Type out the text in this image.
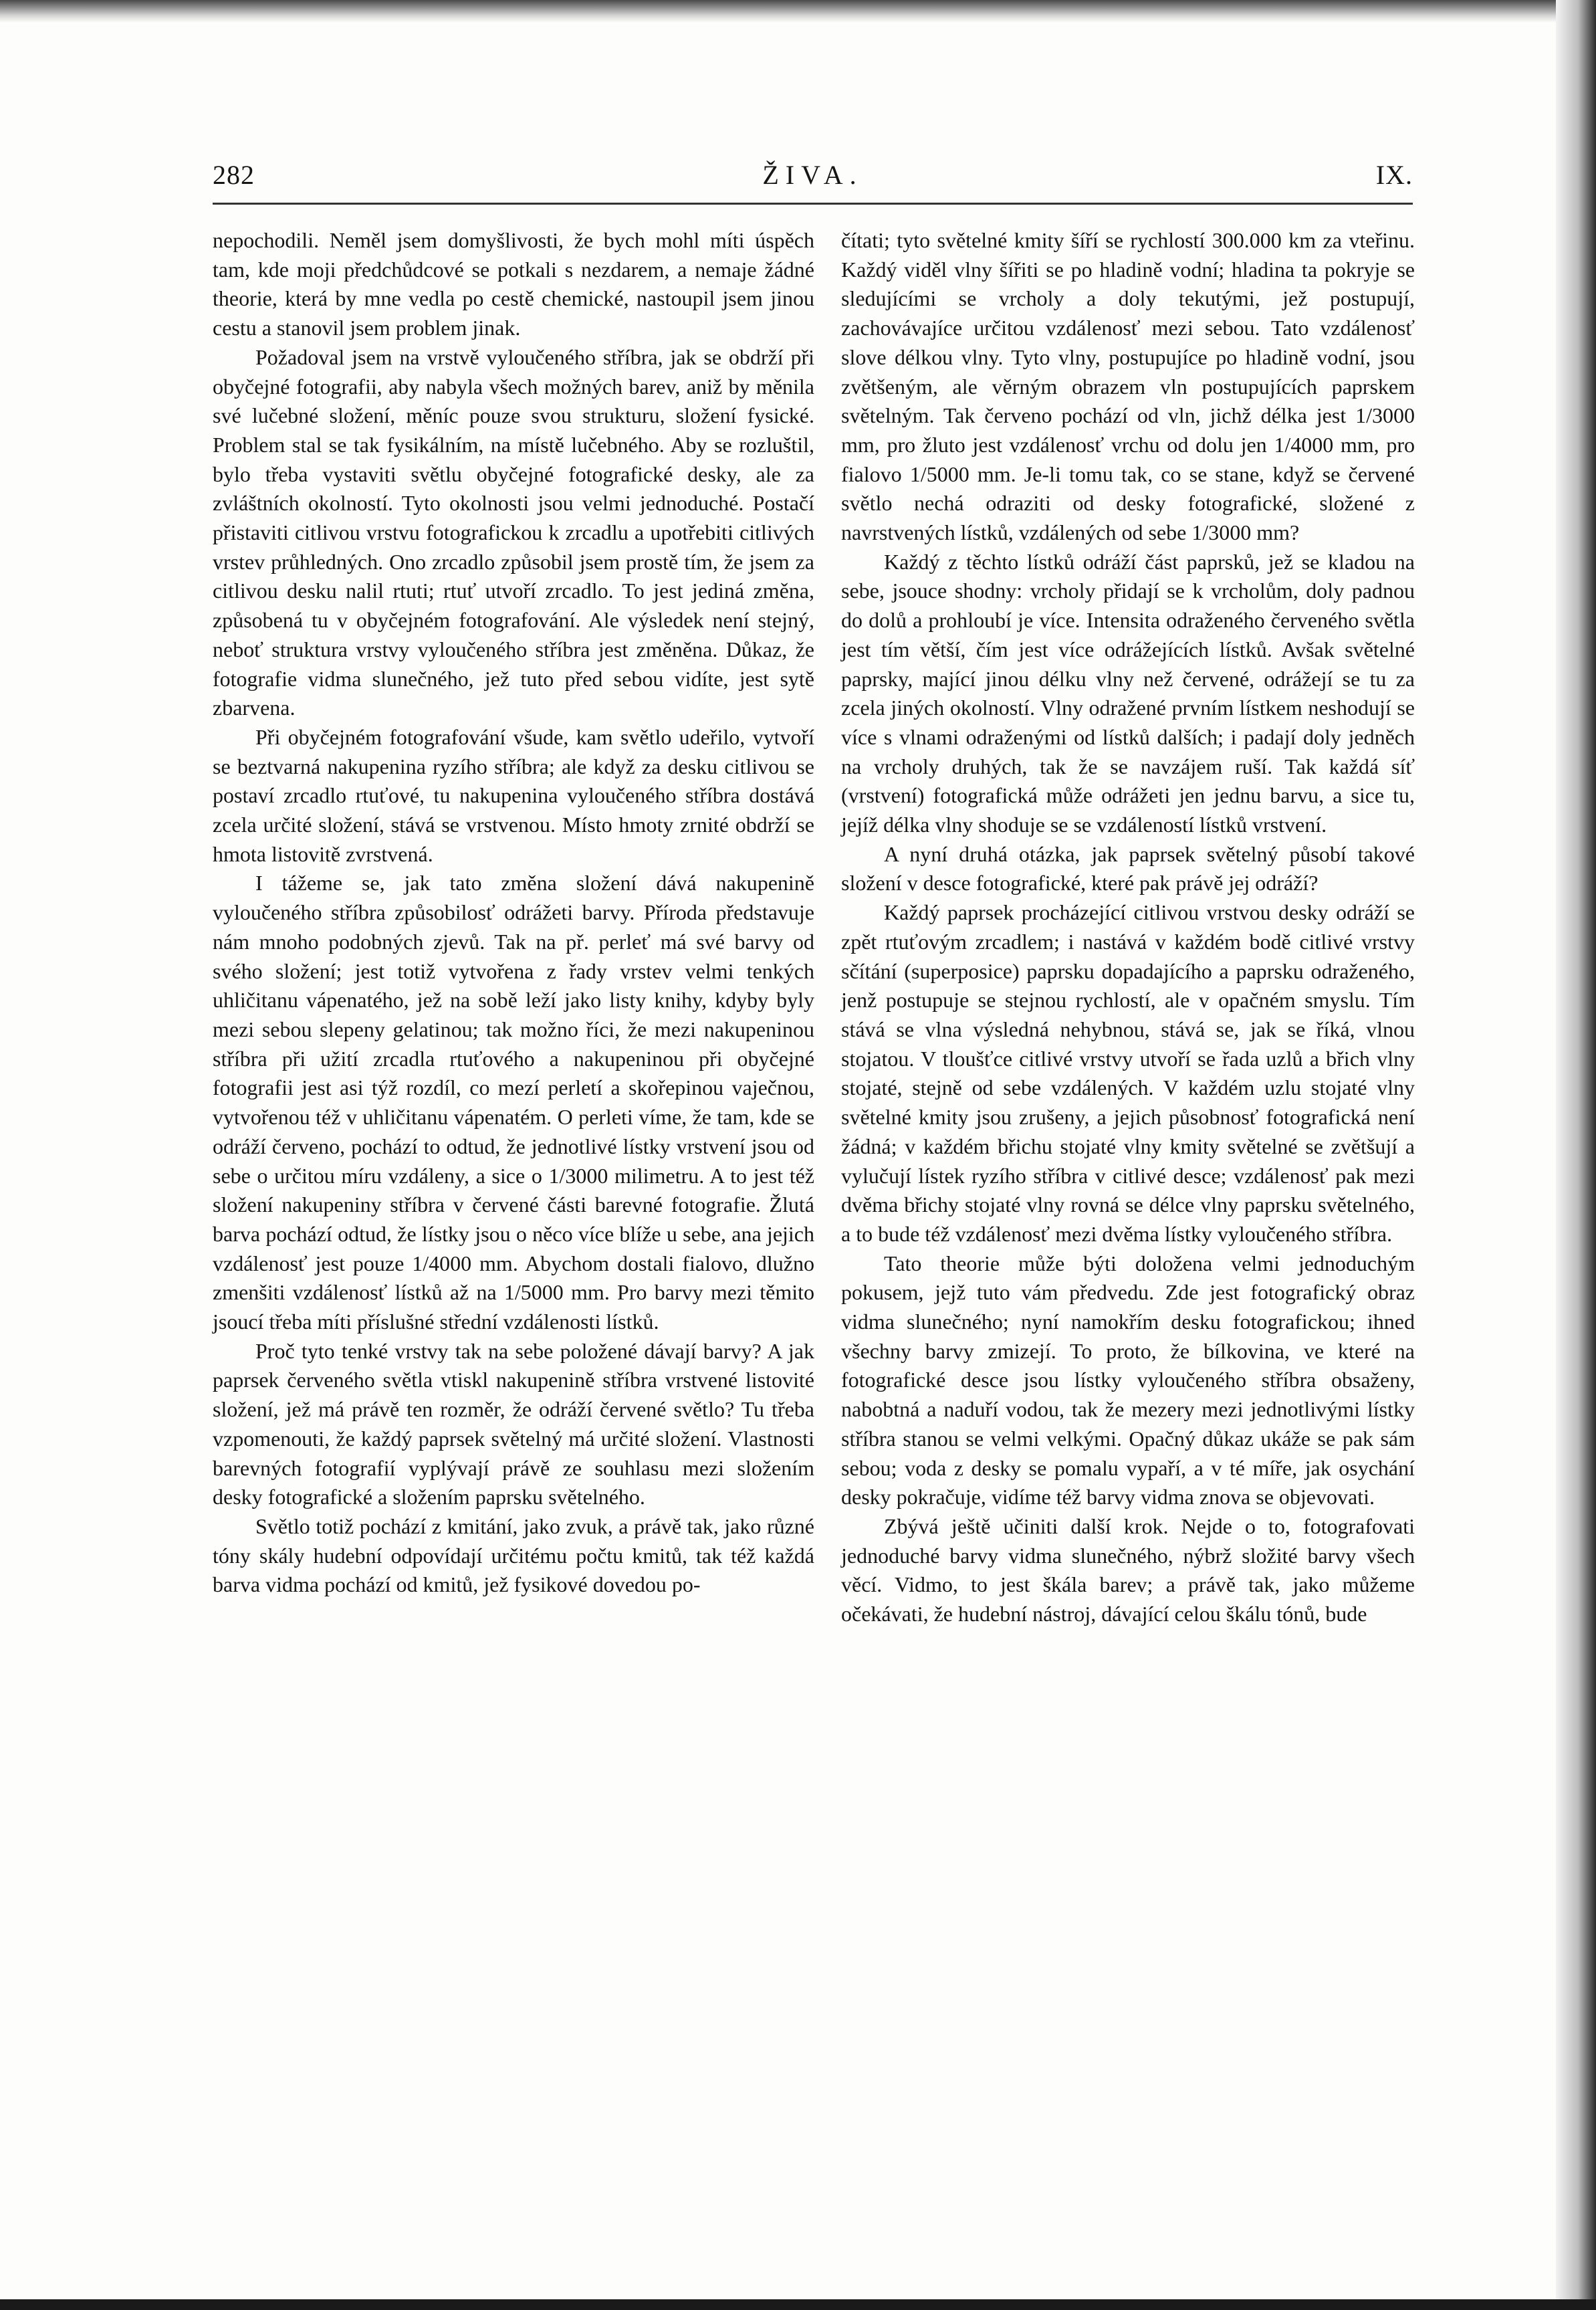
282	ŽIVA.	IX.

nepochodili. Neměl jsem domyšlivosti, že bych mohl míti úspěch tam, kde moji předchůdcové se potkali s nezdarem, a nemaje žádné theorie, která by mne vedla po cestě chemické, nastoupil jsem jinou cestu a stanovil jsem problem jinak.

Požadoval jsem na vrstvě vyloučeného stříbra, jak se obdrží při obyčejné fotografii, aby nabyla všech možných barev, aniž by měnila své lučebné složení, měníc pouze svou strukturu, složení fysické. Problem stal se tak fysikálním, na místě lučebného. Aby se rozluštil, bylo třeba vystaviti světlu obyčejné fotografické desky, ale za zvláštních okolností. Tyto okolnosti jsou velmi jednoduché. Postačí přistaviti citlivou vrstvu fotografickou k zrcadlu a upotřebiti citlivých vrstev průhledných. Ono zrcadlo způsobil jsem prostě tím, že jsem za citlivou desku nalil rtuti; rtuť utvoří zrcadlo. To jest jediná změna, způsobená tu v obyčejném fotografování. Ale výsledek není stejný, neboť struktura vrstvy vyloučeného stříbra jest změněna. Důkaz, že fotografie vidma slunečného, jež tuto před sebou vidíte, jest sytě zbarvena.

Při obyčejném fotografování všude, kam světlo udeřilo, vytvoří se beztvarná nakupenina ryzího stříbra; ale když za desku citlivou se postaví zrcadlo rtuťové, tu nakupenina vyloučeného stříbra dostává zcela určité složení, stává se vrstvenou. Místo hmoty zrnité obdrží se hmota listovitě zvrstvená.

I tážeme se, jak tato změna složení dává nakupenině vyloučeného stříbra způsobilosť odrážeti barvy. Příroda představuje nám mnoho podobných zjevů. Tak na př. perleť má své barvy od svého složení; jest totiž vytvořena z řady vrstev velmi tenkých uhličitanu vápenatého, jež na sobě leží jako listy knihy, kdyby byly mezi sebou slepeny gelatinou; tak možno říci, že mezi nakupeninou stříbra při užití zrcadla rtuťového a nakupeninou při obyčejné fotografii jest asi týž rozdíl, co mezí perletí a skořepinou vaječnou, vytvořenou též v uhličitanu vápenatém. O perleti víme, že tam, kde se odráží červeno, pochází to odtud, že jednotlivé lístky vrstvení jsou od sebe o určitou míru vzdáleny, a sice o 1/3000 milimetru. A to jest též složení nakupeniny stříbra v červené části barevné fotografie. Žlutá barva pochází odtud, že lístky jsou o něco více blíže u sebe, ana jejich vzdálenosť jest pouze 1/4000 mm. Abychom dostali fialovo, dlužno zmenšiti vzdálenosť lístků až na 1/5000 mm. Pro barvy mezi těmito jsoucí třeba míti příslušné střední vzdálenosti lístků.

Proč tyto tenké vrstvy tak na sebe položené dávají barvy? A jak paprsek červeného světla vtiskl nakupenině stříbra vrstvené listovité složení, jež má právě ten rozměr, že odráží červené světlo? Tu třeba vzpomenouti, že každý paprsek světelný má určité složení. Vlastnosti barevných fotografií vyplývají právě ze souhlasu mezi složením desky fotografické a složením paprsku světelného.

Světlo totiž pochází z kmitání, jako zvuk, a právě tak, jako různé tóny skály hudební odpovídají určitému počtu kmitů, tak též každá barva vidma pochází od kmitů, jež fysikové dovedou po-

čítati; tyto světelné kmity šíří se rychlostí 300.000 km za vteřinu. Každý viděl vlny šířiti se po hladině vodní; hladina ta pokryje se sledujícími se vrcholy a doly tekutými, jež postupují, zachovávajíce určitou vzdálenosť mezi sebou. Tato vzdálenosť slove délkou vlny. Tyto vlny, postupujíce po hladině vodní, jsou zvětšeným, ale věrným obrazem vln postupujících paprskem světelným. Tak červeno pochází od vln, jichž délka jest 1/3000 mm, pro žluto jest vzdálenosť vrchu od dolu jen 1/4000 mm, pro fialovo 1/5000 mm. Je-li tomu tak, co se stane, když se červené světlo nechá odraziti od desky fotografické, složené z navrstvených lístků, vzdálených od sebe 1/3000 mm?

Každý z těchto lístků odráží část paprsků, jež se kladou na sebe, jsouce shodny: vrcholy přidají se k vrcholům, doly padnou do dolů a prohloubí je více. Intensita odraženého červeného světla jest tím větší, čím jest více odrážejících lístků. Avšak světelné paprsky, mající jinou délku vlny než červené, odrážejí se tu za zcela jiných okolností. Vlny odražené prvním lístkem neshodují se více s vlnami odraženými od lístků dalších; i padají doly jedněch na vrcholy druhých, tak že se navzájem ruší. Tak každá síť (vrstvení) fotografická může odrážeti jen jednu barvu, a sice tu, jejíž délka vlny shoduje se se vzdáleností lístků vrstvení.

A nyní druhá otázka, jak paprsek světelný působí takové složení v desce fotografické, které pak právě jej odráží?

Každý paprsek procházející citlivou vrstvou desky odráží se zpět rtuťovým zrcadlem; i nastává v každém bodě citlivé vrstvy sčítání (superposice) paprsku dopadajícího a paprsku odraženého, jenž postupuje se stejnou rychlostí, ale v opačném smyslu. Tím stává se vlna výsledná nehybnou, stává se, jak se říká, vlnou stojatou. V tloušťce citlivé vrstvy utvoří se řada uzlů a břich vlny stojaté, stejně od sebe vzdálených. V každém uzlu stojaté vlny světelné kmity jsou zrušeny, a jejich působnosť fotografická není žádná; v každém břichu stojaté vlny kmity světelné se zvětšují a vylučují lístek ryzího stříbra v citlivé desce; vzdálenosť pak mezi dvěma břichy stojaté vlny rovná se délce vlny paprsku světelného, a to bude též vzdálenosť mezi dvěma lístky vyloučeného stříbra.

Tato theorie může býti doložena velmi jednoduchým pokusem, jejž tuto vám předvedu. Zde jest fotografický obraz vidma slunečného; nyní namokřím desku fotografickou; ihned všechny barvy zmizejí. To proto, že bílkovina, ve které na fotografické desce jsou lístky vyloučeného stříbra obsaženy, nabobtná a naduří vodou, tak že mezery mezi jednotlivými lístky stříbra stanou se velmi velkými. Opačný důkaz ukáže se pak sám sebou; voda z desky se pomalu vypaří, a v té míře, jak osychání desky pokračuje, vidíme též barvy vidma znova se objevovati.

Zbývá ještě učiniti další krok. Nejde o to, fotografovati jednoduché barvy vidma slunečného, nýbrž složité barvy všech věcí. Vidmo, to jest škála barev; a právě tak, jako můžeme očekávati, že hudební nástroj, dávající celou škálu tónů, bude
